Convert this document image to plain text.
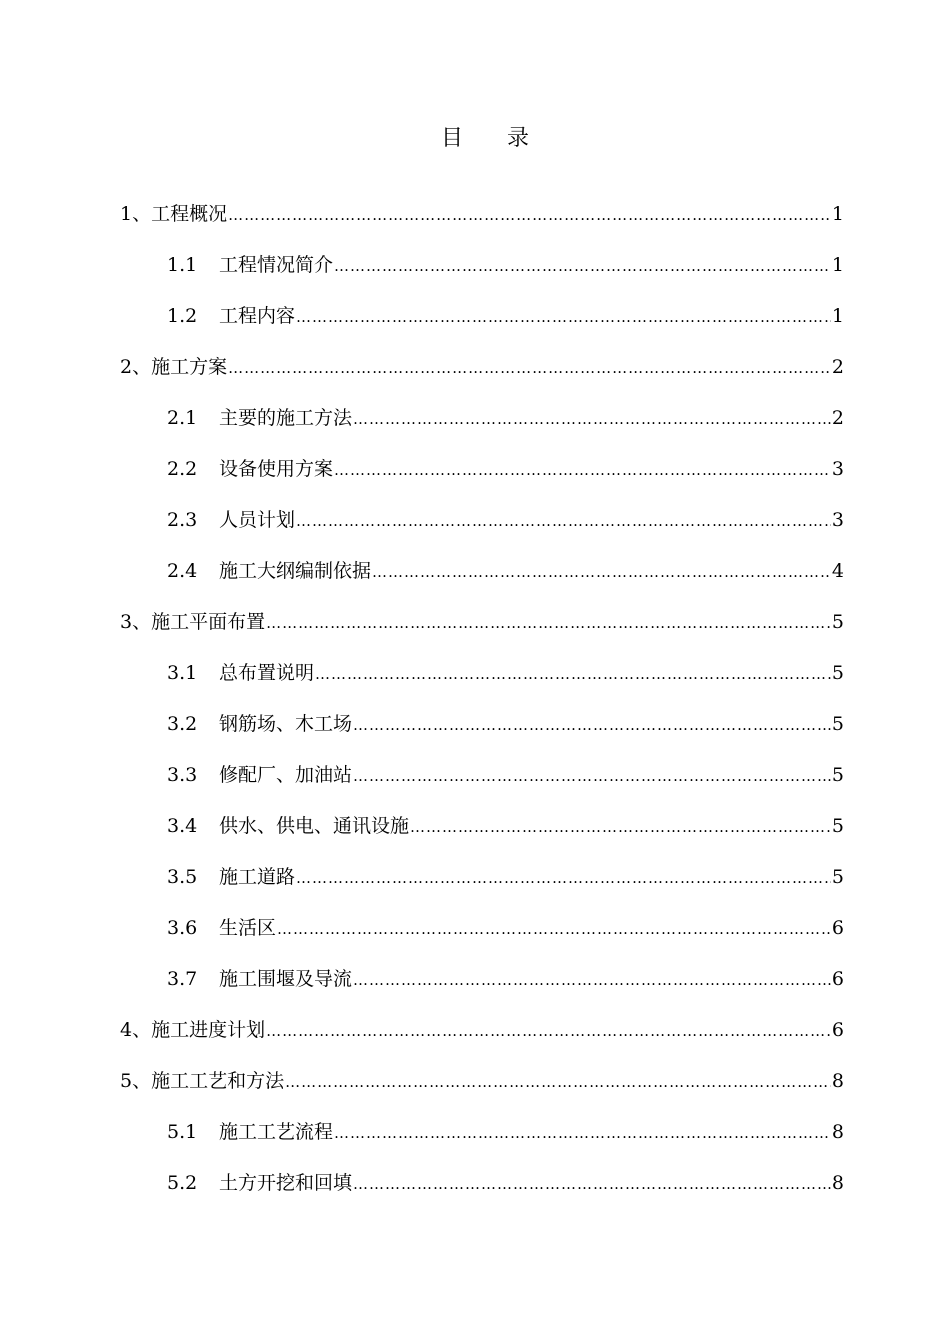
目 录
1、 工程概况 ………………………………………………………………………………………………………………………………………………………………………………………………	1
1.1	工程情况简介 ………………………………………………………………………………………………………………………………………………………………………………………………	1
1.2	工程内容 ………………………………………………………………………………………………………………………………………………………………………………………………	1
2、 施工方案 ………………………………………………………………………………………………………………………………………………………………………………………………	2
2.1	主要的施工方法 ………………………………………………………………………………………………………………………………………………………………………………………………	2
2.2	设备使用方案 ………………………………………………………………………………………………………………………………………………………………………………………………	3
2.3	人员计划 ………………………………………………………………………………………………………………………………………………………………………………………………	3
2.4	施工大纲编制依据 ………………………………………………………………………………………………………………………………………………………………………………………………	4
3、 施工平面布置 ………………………………………………………………………………………………………………………………………………………………………………………………	5
3.1	总布置说明 ………………………………………………………………………………………………………………………………………………………………………………………………	5
3.2	钢筋场、木工场 ………………………………………………………………………………………………………………………………………………………………………………………………	5
3.3	修配厂、加油站 ………………………………………………………………………………………………………………………………………………………………………………………………	5
3.4	供水、供电、通讯设施 ………………………………………………………………………………………………………………………………………………………………………………………………	5
3.5	施工道路 ………………………………………………………………………………………………………………………………………………………………………………………………	5
3.6	生活区 ………………………………………………………………………………………………………………………………………………………………………………………………	6
3.7	施工围堰及导流 ………………………………………………………………………………………………………………………………………………………………………………………………	6
4、 施工进度计划 ………………………………………………………………………………………………………………………………………………………………………………………………	6
5、 施工工艺和方法 ………………………………………………………………………………………………………………………………………………………………………………………………	8
5.1	施工工艺流程 ………………………………………………………………………………………………………………………………………………………………………………………………	8
5.2	土方开挖和回填 ………………………………………………………………………………………………………………………………………………………………………………………………	8
